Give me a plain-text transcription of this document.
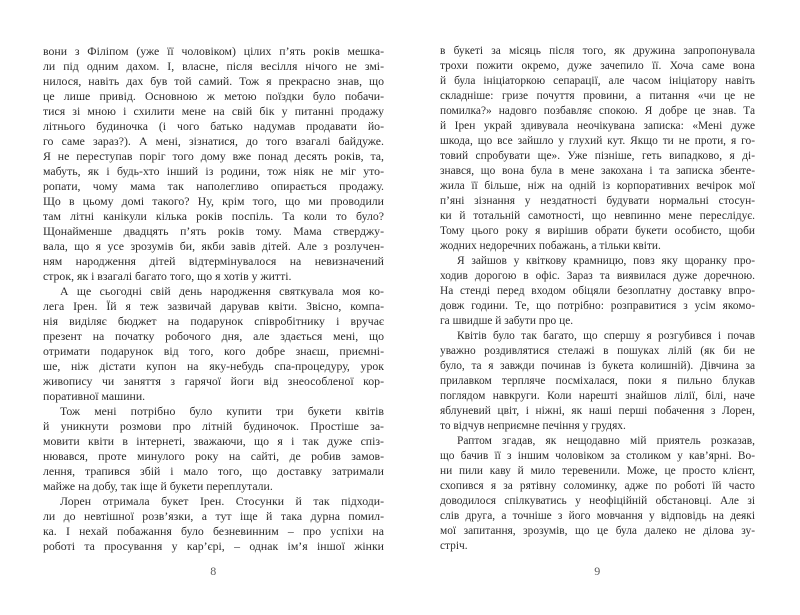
вони з Філіпом (уже її чоловіком) цілих п’ять років мешка-
ли під одним дахом. І, власне, після весілля нічого не змі-
нилося, навіть дах був той самий. Тож я прекрасно знав, що
це лише привід. Основною ж метою поїздки було побачи-
тися зі мною і схилити мене на свій бік у питанні продажу
літнього будиночка (і чого батько надумав продавати йо-
го саме зараз?). А мені, зізнатися, до того взагалі байдуже.
Я не переступав поріг того дому вже понад десять років, та,
мабуть, як і будь-хто інший із родини, тож ніяк не міг уто-
ропати, чому мама так наполегливо опирається продажу.
Що в цьому домі такого? Ну, крім того, що ми проводили
там літні канікули кілька років поспіль. Та коли то було?
Щонайменше двадцять п’ять років тому. Мама стверджу-
вала, що я усе зрозумів би, якби завів дітей. Але з розлучен-
ням народження дітей відтермінувалося на невизначений
строк, як і взагалі багато того, що я хотів у житті.
А ще сьогодні свій день народження святкувала моя ко-
лега Ірен. Їй я теж зазвичай дарував квіти. Звісно, компа-
нія виділяє бюджет на подарунок співробітнику і вручає
презент на початку робочого дня, але здається мені, що
отримати подарунок від того, кого добре знаєш, приємні-
ше, ніж дістати купон на яку-небудь спа-процедуру, урок
живопису чи заняття з гарячої йоги від знеособленої кор-
поративної машини.
Тож мені потрібно було купити три букети квітів
й уникнути розмови про літній будиночок. Простіше за-
мовити квіти в інтернеті, зважаючи, що я і так дуже спіз-
нювався, проте минулого року на сайті, де робив замов-
лення, трапився збій і мало того, що доставку затримали
майже на добу, так іще й букети переплутали.
Лорен отримала букет Ірен. Стосунки й так підходи-
ли до невтішної розв’язки, а тут іще й така дурна помил-
ка. І нехай побажання було безневинним – про успіхи на
роботі та просування у кар’єрі, – однак ім’я іншої жінки
8
в букеті за місяць після того, як дружина запропонувала
трохи пожити окремо, дуже зачепило її. Хоча саме вона
й була ініціаторкою сепарації, але часом ініціатору навіть
складніше: гризе почуття провини, а питання «чи це не
помилка?» надовго позбавляє спокою. Я добре це знав. Та
й Ірен украй здивувала неочікувана записка: «Мені дуже
шкода, що все зайшло у глухий кут. Якщо ти не проти, я го-
товий спробувати ще». Уже пізніше, геть випадково, я ді-
знався, що вона була в мене закохана і та записка збенте-
жила її більше, ніж на одній із корпоративних вечірок мої
п’яні зізнання у нездатності будувати нормальні стосун-
ки й тотальній самотності, що невпинно мене переслідує.
Тому цього року я вирішив обрати букети особисто, щоби
жодних недоречних побажань, а тільки квіти.
Я зайшов у квіткову крамницю, повз яку щоранку про-
ходив дорогою в офіс. Зараз та виявилася дуже доречною.
На стенді перед входом обіцяли безоплатну доставку впро-
довж години. Те, що потрібно: розправитися з усім якомо-
га швидше й забути про це.
Квітів було так багато, що спершу я розгубився і почав
уважно роздивлятися стелажі в пошуках лілій (як би не
було, та я завжди починав із букета колишній). Дівчина за
прилавком терпляче посміхалася, поки я пильно блукав
поглядом навкруги. Коли нарешті знайшов лілії, білі, наче
яблуневий цвіт, і ніжні, як наші перші побачення з Лорен,
то відчув неприємне печіння у грудях.
Раптом згадав, як нещодавно мій приятель розказав,
що бачив її з іншим чоловіком за столиком у кав’ярні. Во-
ни пили каву й мило теревенили. Може, це просто клієнт,
схопився я за рятівну соломинку, адже по роботі їй часто
доводилося спілкуватись у неофіційній обстановці. Але зі
слів друга, а точніше з його мовчання у відповідь на деякі
мої запитання, зрозумів, що це була далеко не ділова зу-
стріч.
9
